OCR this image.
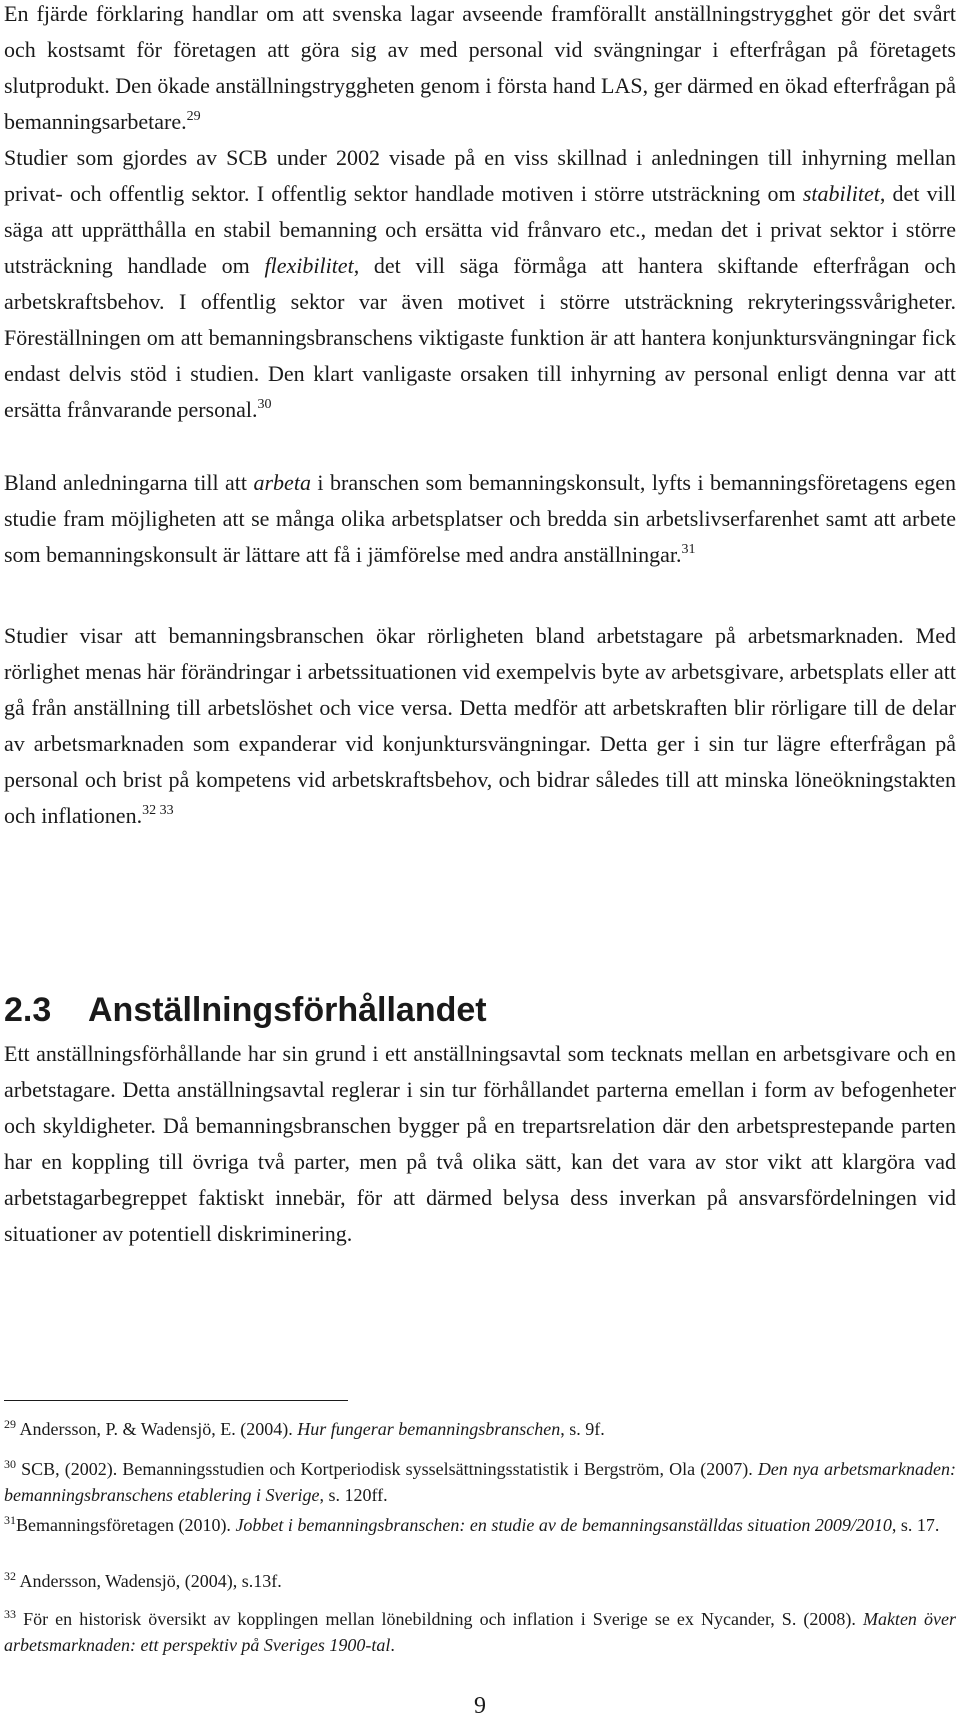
En fjärde förklaring handlar om att svenska lagar avseende framförallt anställningstrygghet gör det svårt och kostsamt för företagen att göra sig av med personal vid svängningar i efterfrågan på företagets slutprodukt. Den ökade anställningstryggheten genom i första hand LAS, ger därmed en ökad efterfrågan på bemanningsarbetare.$^{29}$

Studier som gjordes av SCB under 2002 visade på en viss skillnad i anledningen till inhyrning mellan privat- och offentlig sektor. I offentlig sektor handlade motiven i större utsträckning om stabilitet, det vill säga att upprätthålla en stabil bemanning och ersätta vid frånvaro etc., medan det i privat sektor i större utsträckning handlade om flexibilitet, det vill säga förmåga att hantera skiftande efterfrågan och arbetskraftsbehov. I offentlig sektor var även motivet i större utsträckning rekryteringssvårigheter. Föreställningen om att bemanningsbranschens viktigaste funktion är att hantera konjunktursvängningar fick endast delvis stöd i studien. Den klart vanligaste orsaken till inhyrning av personal enligt denna var att ersätta frånvarande personal.$^{30}$

Bland anledningarna till att arbeta i branschen som bemanningskonsult, lyfts i bemanningsföretagens egen studie fram möjligheten att se många olika arbetsplatser och bredda sin arbetslivserfarenhet samt att arbete som bemanningskonsult är lättare att få i jämförelse med andra anställningar.$^{31}$

Studier visar att bemanningsbranschen ökar rörligheten bland arbetstagare på arbetsmarknaden. Med rörlighet menas här förändringar i arbetssituationen vid exempelvis byte av arbetsgivare, arbetsplats eller att gå från anställning till arbetslöshet och vice versa. Detta medför att arbetskraften blir rörligare till de delar av arbetsmarknaden som expanderar vid konjunktursvängningar. Detta ger i sin tur lägre efterfrågan på personal och brist på kompetens vid arbetskraftsbehov, och bidrar således till att minska löneökningstakten och inflationen.$^{32 33}$

2.3 Anställningsförhållandet

Ett anställningsförhållande har sin grund i ett anställningsavtal som tecknats mellan en arbetsgivare och en arbetstagare. Detta anställningsavtal reglerar i sin tur förhållandet parterna emellan i form av befogenheter och skyldigheter. Då bemanningsbranschen bygger på en trepartsrelation där den arbetsprestерande parten har en koppling till övriga två parter, men på två olika sätt, kan det vara av stor vikt att klargöra vad arbetstagarbegreppet faktiskt innebär, för att därmed belysa dess inverkan på ansvarsfördelningen vid situationer av potentiell diskriminering.

$^{29}$ Andersson, P. & Wadensjö, E. (2004). Hur fungerar bemanningsbranschen, s. 9f.

$^{30}$ SCB, (2002). Bemanningsstudien och Kortperiodisk sysselsättningsstatistik i Bergström, Ola (2007). Den nya arbetsmarknaden: bemanningsbranschens etablering i Sverige, s. 120ff.

$^{31}$Bemanningsföretagen (2010). Jobbet i bemanningsbranschen: en studie av de bemanningsanställdas situation 2009/2010, s. 17.

$^{32}$ Andersson, Wadensjö, (2004), s.13f.

$^{33}$ För en historisk översikt av kopplingen mellan lönebildning och inflation i Sverige se ex Nycander, S. (2008). Makten över arbetsmarknaden: ett perspektiv på Sveriges 1900-tal.

9
